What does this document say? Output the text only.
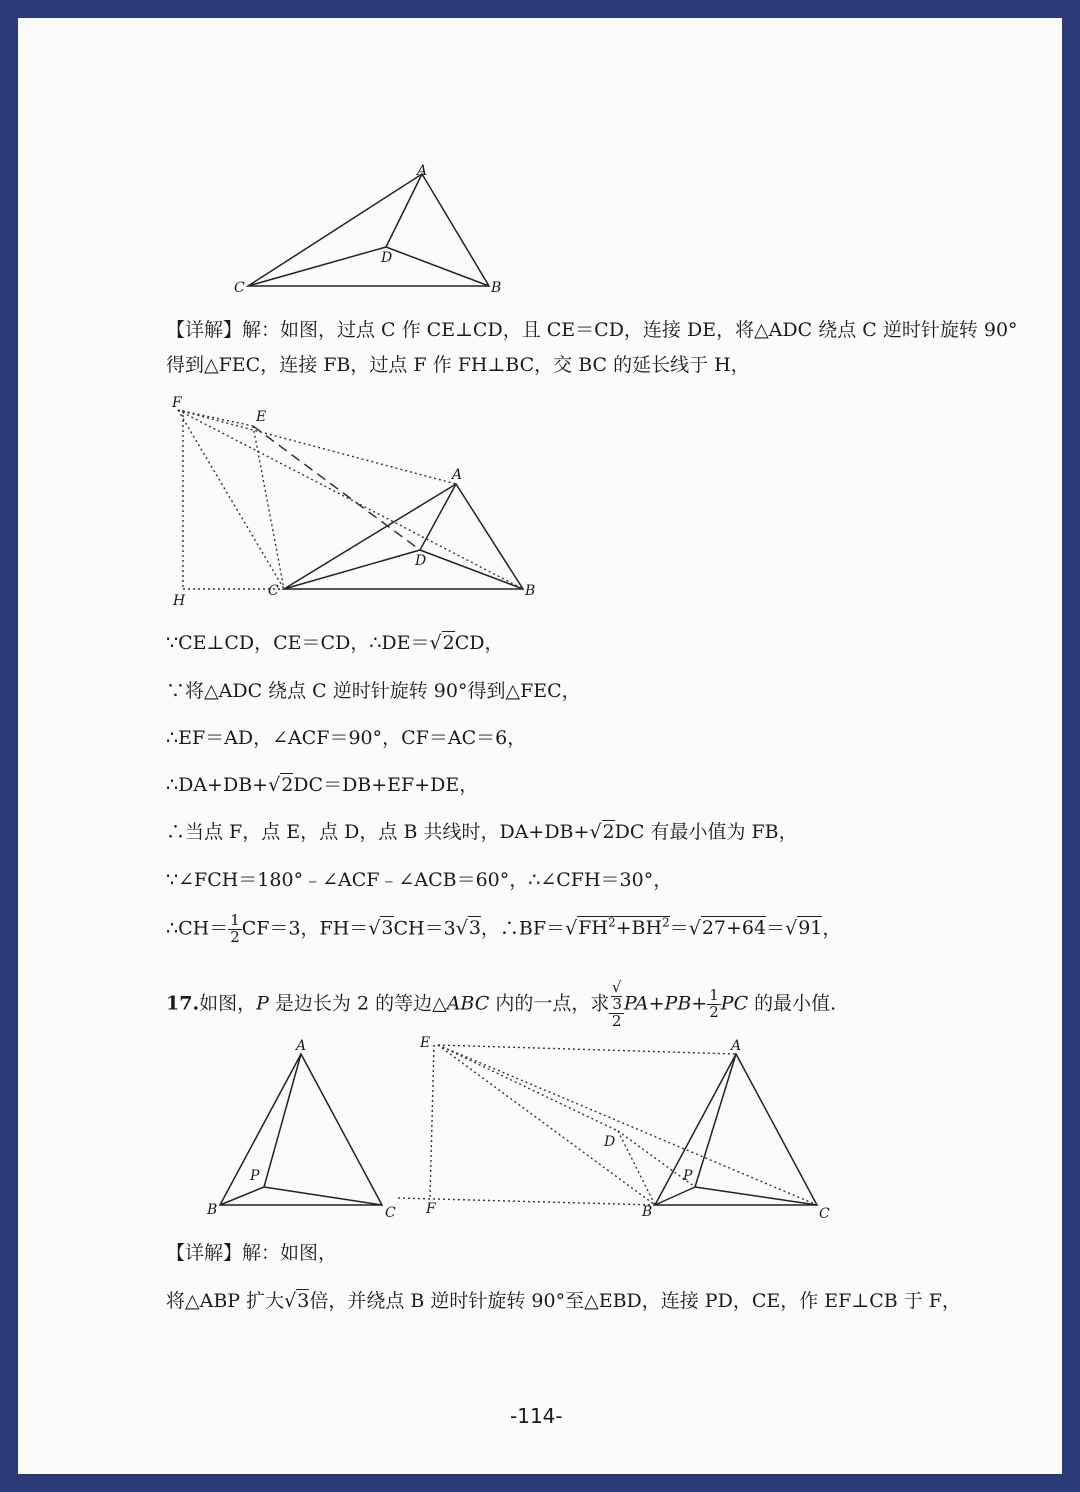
A
B
C
D
【详解】解：如图，过点 C 作 CE⊥CD，且 CE＝CD，连接 DE，将△ADC 绕点 C 逆时针旋转 90°
得到△FEC，连接 FB，过点 F 作 FH⊥BC，交 BC 的延长线于 H，
F
E
A
D
B
C
H
∵CE⊥CD，CE＝CD，∴DE＝√2CD，
∵将△ADC 绕点 C 逆时针旋转 90°得到△FEC，
∴EF＝AD，∠ACF＝90°，CF＝AC＝6，
∴DA+DB+√2DC＝DB+EF+DE，
∴当点 F，点 E，点 D，点 B 共线时，DA+DB+√2DC 有最小值为 FB，
∵∠FCH＝180°﹣∠ACF﹣∠ACB＝60°，∴∠CFH＝30°，
∴CH＝ $\frac{1}{2} CF=3$，FH＝√3CH＝3√3，$\therefore BF=√FH^2+BH^2=√27+64=√91$，
17.如图，P 是边长为 2 的等边△ABC 内的一点，求 √
3
2 $PA+PB+ \frac{1}{2}$ PC 的最小值.
A
P
B	C
E	A
D
P
F	B	C
【详解】解：如图，
将△ABP 扩大√3倍，并绕点 B 逆时针旋转 90°至△EBD，连接 PD，CE，作 EF⊥CB 于 F，
-114-
